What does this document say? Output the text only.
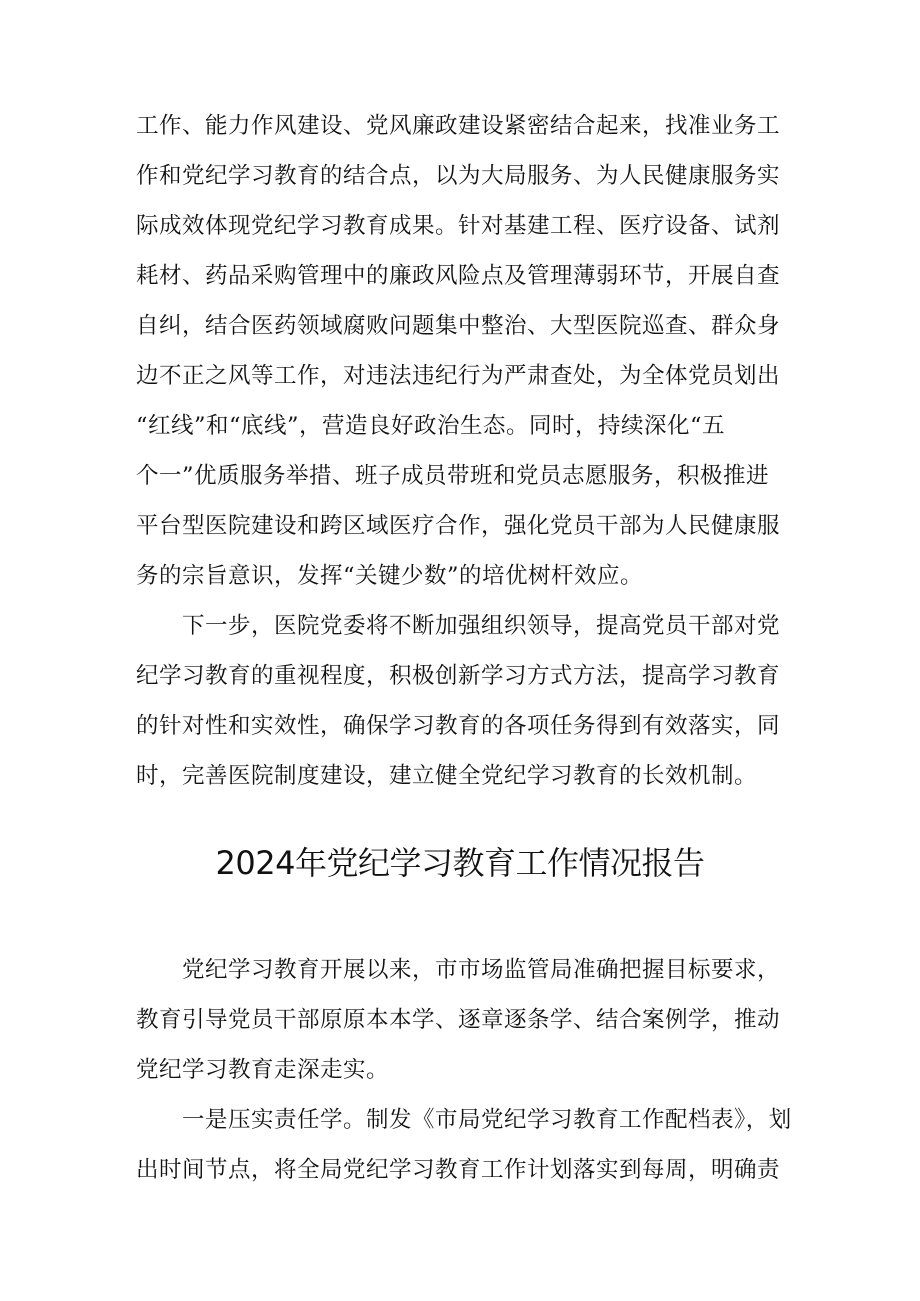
工作、能力作风建设、党风廉政建设紧密结合起来，找准业务工
作和党纪学习教育的结合点，以为大局服务、为人民健康服务实
际成效体现党纪学习教育成果。针对基建工程、医疗设备、试剂
耗材、药品采购管理中的廉政风险点及管理薄弱环节，开展自查
自纠，结合医药领域腐败问题集中整治、大型医院巡查、群众身
边不正之风等工作，对违法违纪行为严肃查处，为全体党员划出
“红线”和“底线”，营造良好政治生态。同时，持续深化“五
个一”优质服务举措、班子成员带班和党员志愿服务，积极推进
平台型医院建设和跨区域医疗合作，强化党员干部为人民健康服
务的宗旨意识，发挥“关键少数”的培优树杆效应。
　　下一步，医院党委将不断加强组织领导，提高党员干部对党
纪学习教育的重视程度，积极创新学习方式方法，提高学习教育
的针对性和实效性，确保学习教育的各项任务得到有效落实，同
时，完善医院制度建设，建立健全党纪学习教育的长效机制。
2024年党纪学习教育工作情况报告
　　党纪学习教育开展以来，市市场监管局准确把握目标要求，
教育引导党员干部原原本本学、逐章逐条学、结合案例学，推动
党纪学习教育走深走实。
　　一是压实责任学。制发《市局党纪学习教育工作配档表》，划
出时间节点，将全局党纪学习教育工作计划落实到每周，明确责
